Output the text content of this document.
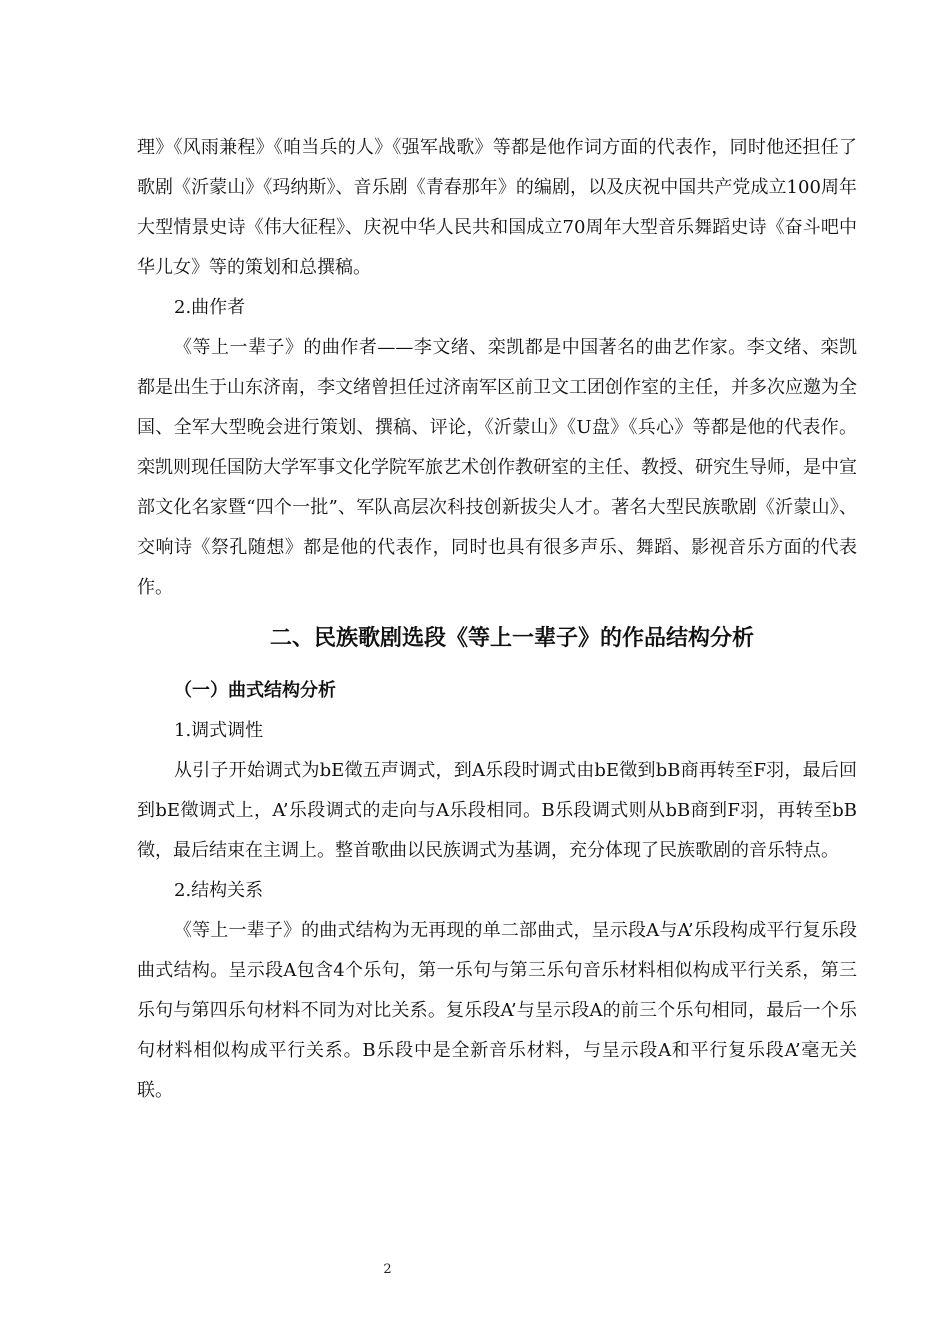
理》《风雨兼程》《咱当兵的人》《强军战歌》等都是他作词方面的代表作，同时他还担任了歌剧《沂蒙山》《玛纳斯》、音乐剧《青春那年》的编剧，以及庆祝中国共产党成立100周年大型情景史诗《伟大征程》、庆祝中华人民共和国成立70周年大型音乐舞蹈史诗《奋斗吧中华儿女》等的策划和总撰稿。

2.曲作者

《等上一辈子》的曲作者——李文绪、栾凯都是中国著名的曲艺作家。李文绪、栾凯都是出生于山东济南，李文绪曾担任过济南军区前卫文工团创作室的主任，并多次应邀为全国、全军大型晚会进行策划、撰稿、评论，《沂蒙山》《U盘》《兵心》等都是他的代表作。栾凯则现任国防大学军事文化学院军旅艺术创作教研室的主任、教授、研究生导师，是中宣部文化名家暨“四个一批”、军队高层次科技创新拔尖人才。著名大型民族歌剧《沂蒙山》、交响诗《祭孔随想》都是他的代表作，同时也具有很多声乐、舞蹈、影视音乐方面的代表作。

二、民族歌剧选段《等上一辈子》的作品结构分析

（一）曲式结构分析

1.调式调性

从引子开始调式为bE徵五声调式，到A乐段时调式由bE徵到bB商再转至F羽，最后回到bE徵调式上，A’乐段调式的走向与A乐段相同。B乐段调式则从bB商到F羽，再转至bB徵，最后结束在主调上。整首歌曲以民族调式为基调，充分体现了民族歌剧的音乐特点。

2.结构关系

《等上一辈子》的曲式结构为无再现的单二部曲式，呈示段A与A’乐段构成平行复乐段曲式结构。呈示段A包含4个乐句，第一乐句与第三乐句音乐材料相似构成平行关系，第三乐句与第四乐句材料不同为对比关系。复乐段A’与呈示段A的前三个乐句相同，最后一个乐句材料相似构成平行关系。B乐段中是全新音乐材料，与呈示段A和平行复乐段A’毫无关联。

2
